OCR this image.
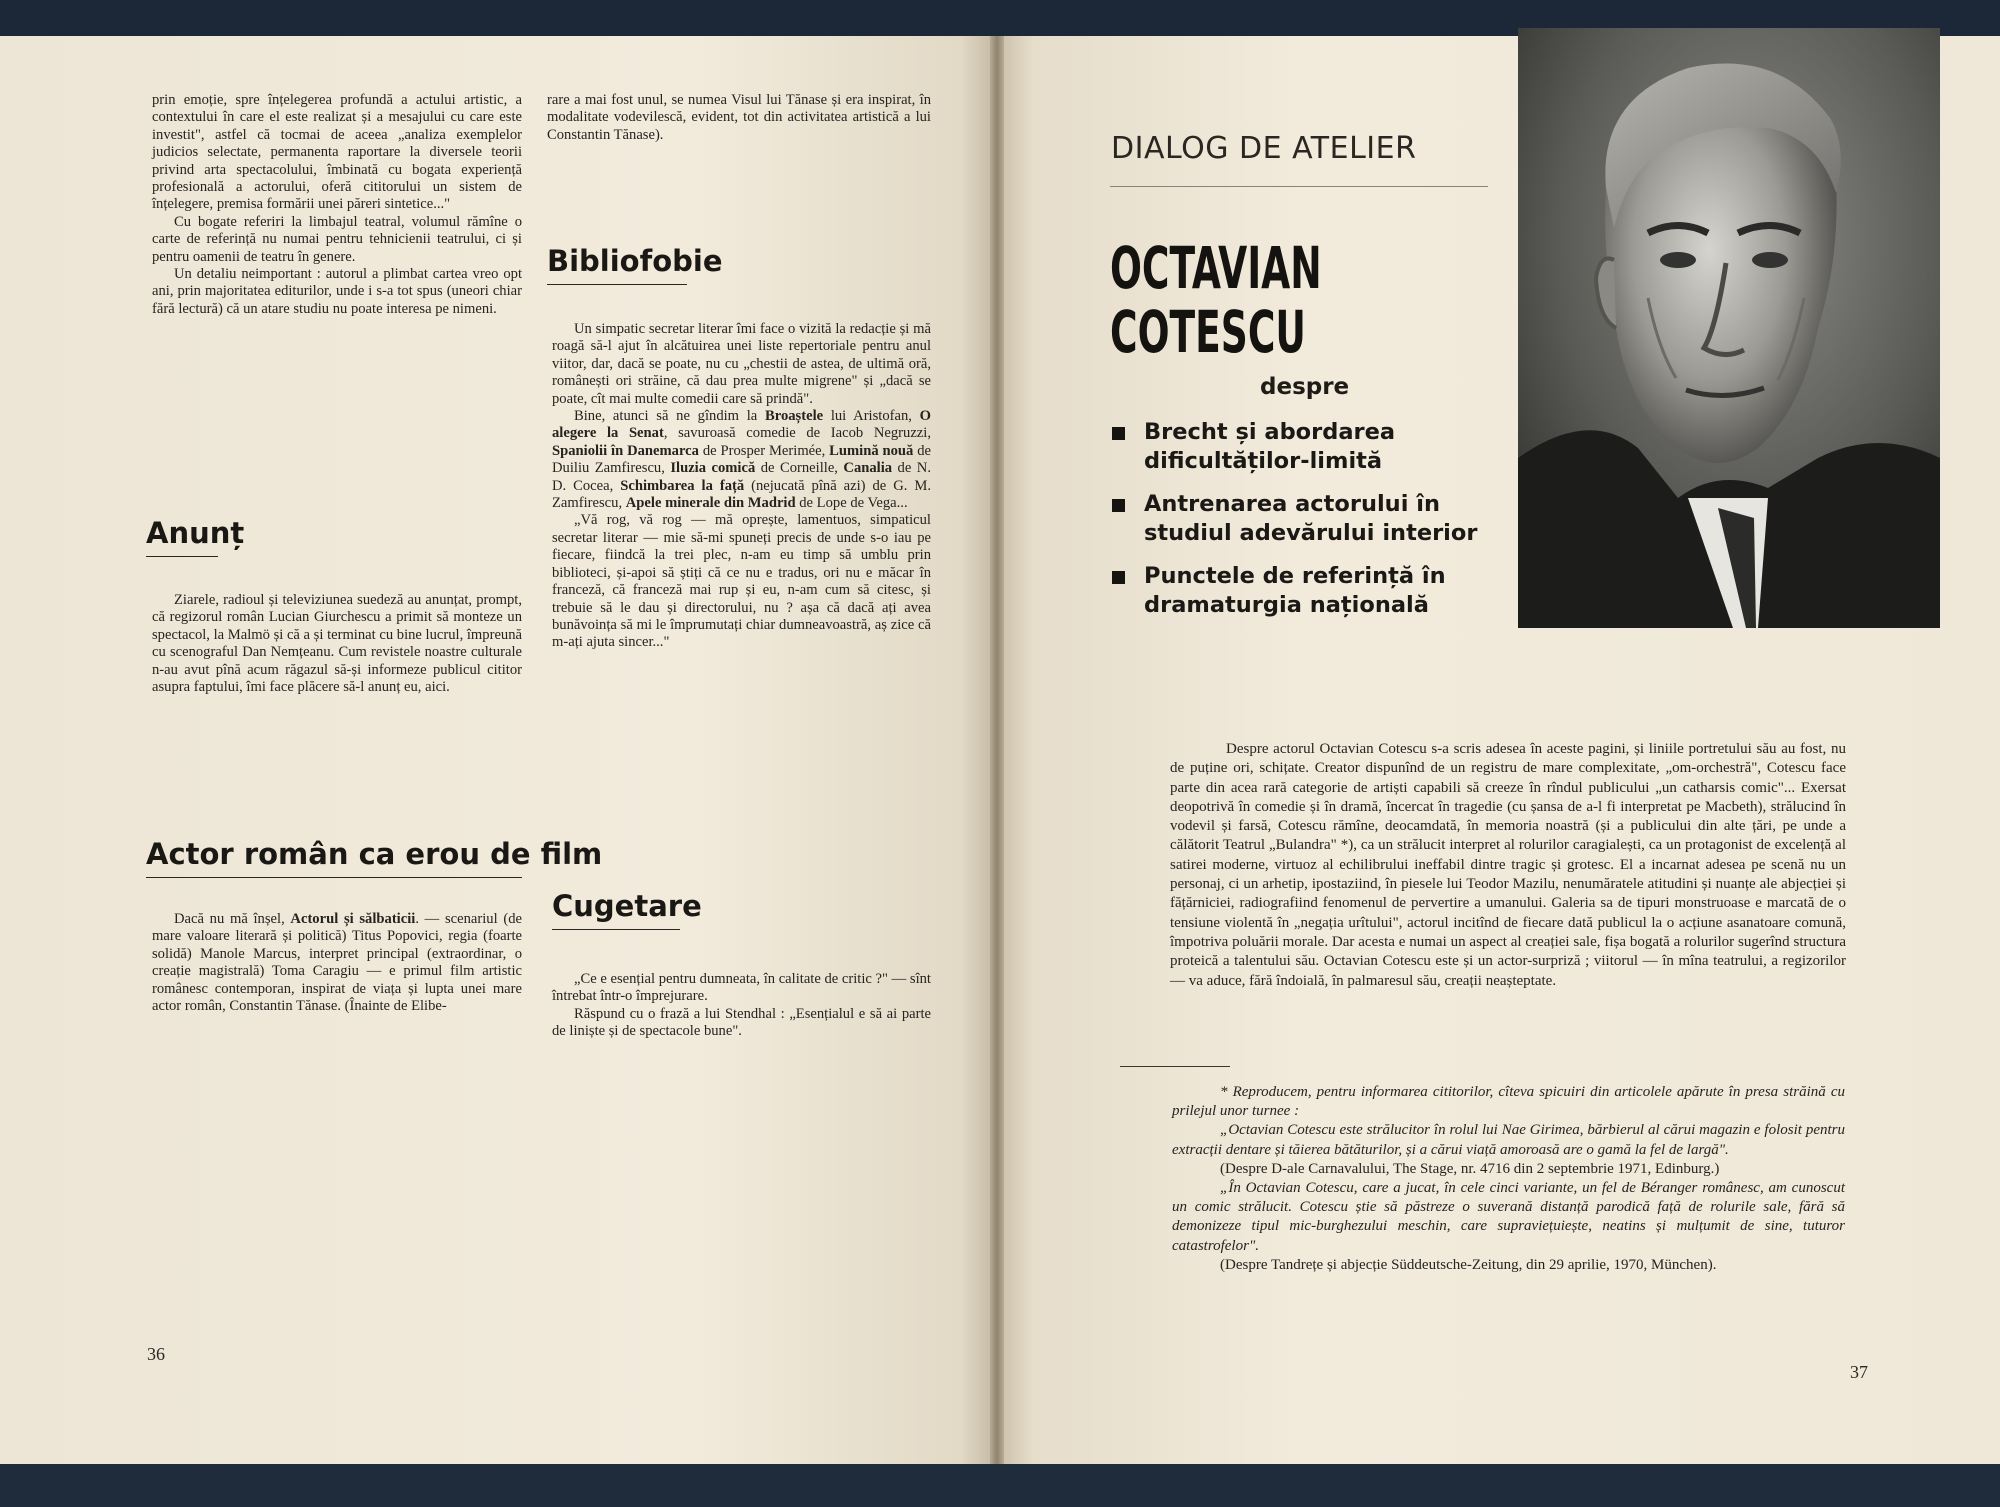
prin emoție, spre înțelegerea profundă a actului artistic, a contextului în care el este realizat și a mesajului cu care este investit", astfel că tocmai de aceea „analiza exemplelor judicios selectate, permanenta raportare la diversele teorii privind arta spectacolului, îmbinată cu bogata experiență profesională a actorului, oferă cititorului un sistem de înțelegere, premisa formării unei păreri sintetice..."

Cu bogate referiri la limbajul teatral, volumul rămîne o carte de referință nu numai pentru tehnicienii teatrului, ci și pentru oamenii de teatru în genere.

Un detaliu neimportant : autorul a plimbat cartea vreo opt ani, prin majoritatea editurilor, unde i s-a tot spus (uneori chiar fără lectură) că un atare studiu nu poate interesa pe nimeni.

Anunț

Ziarele, radioul și televiziunea suedeză au anunțat, prompt, că regizorul român Lucian Giurchescu a primit să monteze un spectacol, la Malmö și că a și terminat cu bine lucrul, împreună cu scenograful Dan Nemțeanu. Cum revistele noastre culturale n-au avut pînă acum răgazul să-și informeze publicul cititor asupra faptului, îmi face plăcere să-l anunț eu, aici.

Actor român ca erou de film

Dacă nu mă înșel, Actorul și sălbaticii. — scenariul (de mare valoare literară și politică) Titus Popovici, regia (foarte solidă) Manole Marcus, interpret principal (extraordinar, o creație magistrală) Toma Caragiu — e primul film artistic românesc contemporan, inspirat de viața și lupta unei mare actor român, Constantin Tănase. (Înainte de Elibe-

rare a mai fost unul, se numea Visul lui Tănase și era inspirat, în modalitate vodevilescă, evident, tot din activitatea artistică a lui Constantin Tănase).

Bibliofobie

Un simpatic secretar literar îmi face o vizită la redacție și mă roagă să-l ajut în alcătuirea unei liste repertoriale pentru anul viitor, dar, dacă se poate, nu cu „chestii de astea, de ultimă oră, românești ori străine, că dau prea multe migrene" și „dacă se poate, cît mai multe comedii care să prindă".

Bine, atunci să ne gîndim la Broaștele lui Aristofan, O alegere la Senat, savuroasă comedie de Iacob Negruzzi, Spaniolii în Danemarca de Prosper Merimée, Lumină nouă de Duiliu Zamfirescu, Iluzia comică de Corneille, Canalia de N. D. Cocea, Schimbarea la față (nejucată pînă azi) de G. M. Zamfirescu, Apele minerale din Madrid de Lope de Vega...

„Vă rog, vă rog — mă oprește, lamentuos, simpaticul secretar literar — mie să-mi spuneți precis de unde s-o iau pe fiecare, fiindcă la trei plec, n-am eu timp să umblu prin biblioteci, și-apoi să știți că ce nu e tradus, ori nu e măcar în franceză, că franceză mai rup și eu, n-am cum să citesc, și trebuie să le dau și directorului, nu ? așa că dacă ați avea bunăvoința să mi le împrumutați chiar dumneavoastră, aș zice că m-ați ajuta sincer..."

Cugetare

„Ce e esențial pentru dumneata, în calitate de critic ?" — sînt întrebat într-o împrejurare.

Răspund cu o frază a lui Stendhal : „Esențialul e să ai parte de liniște și de spectacole bune".

36
DIALOG DE ATELIER
OCTAVIAN
COTESCU
despre
Brecht și abordarea dificultăților-limită
Antrenarea actorului în studiul adevărului interior
Punctele de referință în dramaturgia națională

Despre actorul Octavian Cotescu s-a scris adesea în aceste pagini, și liniile portretului său au fost, nu de puține ori, schițate. Creator dispunînd de un registru de mare complexitate, „om-orchestră", Cotescu face parte din acea rară categorie de artiști capabili să creeze în rîndul publicului „un catharsis comic"... Exersat deopotrivă în comedie și în dramă, încercat în tragedie (cu șansa de a-l fi interpretat pe Macbeth), strălucind în vodevil și farsă, Cotescu rămîne, deocamdată, în memoria noastră (și a publicului din alte țări, pe unde a călătorit Teatrul „Bulandra" *), ca un strălucit interpret al rolurilor caragialești, ca un protagonist de excelență al satirei moderne, virtuoz al echilibrului ineffabil dintre tragic și grotesc. El a incarnat adesea pe scenă nu un personaj, ci un arhetip, ipostaziind, în piesele lui Teodor Mazilu, nenumăratele atitudini și nuanțe ale abjecției și fățărniciei, radiografiind fenomenul de pervertire a umanului. Galeria sa de tipuri monstruoase e marcată de o tensiune violentă în „negația urîtului", actorul incitînd de fiecare dată publicul la o acțiune asanatoare comună, împotriva poluării morale. Dar acesta e numai un aspect al creației sale, fișa bogată a rolurilor sugerînd structura proteică a talentului său. Octavian Cotescu este și un actor-surpriză ; viitorul — în mîna teatrului, a regizorilor — va aduce, fără îndoială, în palmaresul său, creații neașteptate.

* Reproducem, pentru informarea cititorilor, cîteva spicuiri din articolele apărute în presa străină cu prilejul unor turnee :

„Octavian Cotescu este strălucitor în rolul lui Nae Girimea, bărbierul al cărui magazin e folosit pentru extracții dentare și tăierea bătăturilor, și a cărui viață amoroasă are o gamă la fel de largă".

(Despre D-ale Carnavalului, The Stage, nr. 4716 din 2 septembrie 1971, Edinburg.)

„În Octavian Cotescu, care a jucat, în cele cinci variante, un fel de Béranger românesc, am cunoscut un comic strălucit. Cotescu știe să păstreze o suverană distanță parodică față de rolurile sale, fără să demonizeze tipul mic-burghezului meschin, care supraviețuiește, neatins și mulțumit de sine, tuturor catastrofelor".

(Despre Tandrețe și abjecție Süddeutsche-Zeitung, din 29 aprilie, 1970, München).

37
